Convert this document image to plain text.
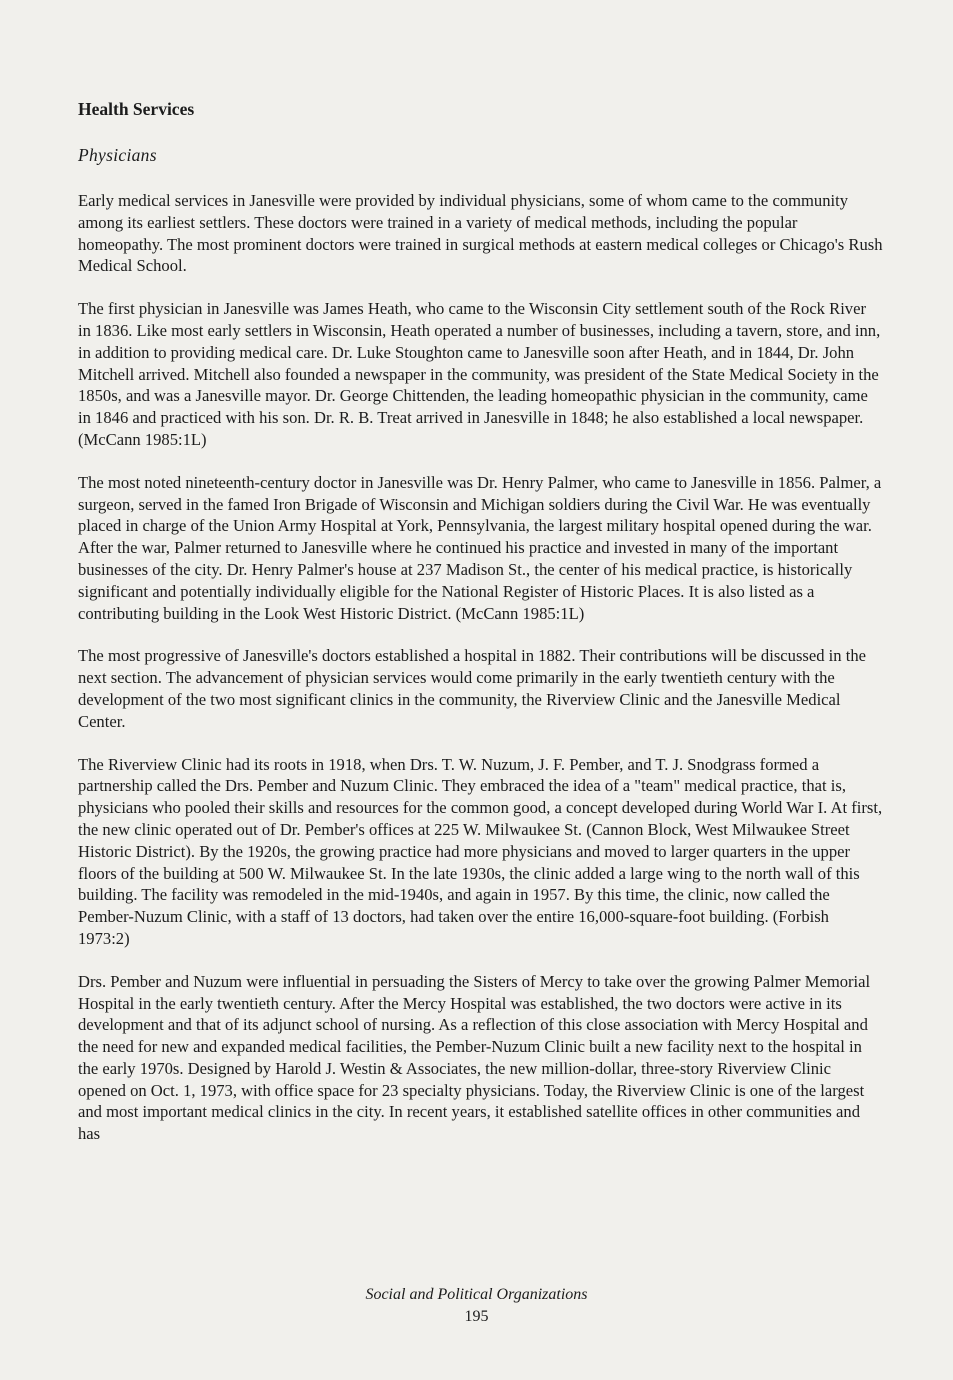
Health Services
Physicians

Early medical services in Janesville were provided by individual physicians, some of whom came to the community among its earliest settlers. These doctors were trained in a variety of medical methods, including the popular homeopathy. The most prominent doctors were trained in surgical methods at eastern medical colleges or Chicago's Rush Medical School.

The first physician in Janesville was James Heath, who came to the Wisconsin City settlement south of the Rock River in 1836. Like most early settlers in Wisconsin, Heath operated a number of businesses, including a tavern, store, and inn, in addition to providing medical care. Dr. Luke Stoughton came to Janesville soon after Heath, and in 1844, Dr. John Mitchell arrived. Mitchell also founded a newspaper in the community, was president of the State Medical Society in the 1850s, and was a Janesville mayor. Dr. George Chittenden, the leading homeopathic physician in the community, came in 1846 and practiced with his son. Dr. R. B. Treat arrived in Janesville in 1848; he also established a local newspaper. (McCann 1985:1L)

The most noted nineteenth-century doctor in Janesville was Dr. Henry Palmer, who came to Janesville in 1856. Palmer, a surgeon, served in the famed Iron Brigade of Wisconsin and Michigan soldiers during the Civil War. He was eventually placed in charge of the Union Army Hospital at York, Pennsylvania, the largest military hospital opened during the war. After the war, Palmer returned to Janesville where he continued his practice and invested in many of the important businesses of the city. Dr. Henry Palmer's house at 237 Madison St., the center of his medical practice, is historically significant and potentially individually eligible for the National Register of Historic Places. It is also listed as a contributing building in the Look West Historic District. (McCann 1985:1L)

The most progressive of Janesville's doctors established a hospital in 1882. Their contributions will be discussed in the next section. The advancement of physician services would come primarily in the early twentieth century with the development of the two most significant clinics in the community, the Riverview Clinic and the Janesville Medical Center.

The Riverview Clinic had its roots in 1918, when Drs. T. W. Nuzum, J. F. Pember, and T. J. Snodgrass formed a partnership called the Drs. Pember and Nuzum Clinic. They embraced the idea of a "team" medical practice, that is, physicians who pooled their skills and resources for the common good, a concept developed during World War I. At first, the new clinic operated out of Dr. Pember's offices at 225 W. Milwaukee St. (Cannon Block, West Milwaukee Street Historic District). By the 1920s, the growing practice had more physicians and moved to larger quarters in the upper floors of the building at 500 W. Milwaukee St. In the late 1930s, the clinic added a large wing to the north wall of this building. The facility was remodeled in the mid-1940s, and again in 1957. By this time, the clinic, now called the Pember-Nuzum Clinic, with a staff of 13 doctors, had taken over the entire 16,000-square-foot building. (Forbish 1973:2)

Drs. Pember and Nuzum were influential in persuading the Sisters of Mercy to take over the growing Palmer Memorial Hospital in the early twentieth century. After the Mercy Hospital was established, the two doctors were active in its development and that of its adjunct school of nursing. As a reflection of this close association with Mercy Hospital and the need for new and expanded medical facilities, the Pember-Nuzum Clinic built a new facility next to the hospital in the early 1970s. Designed by Harold J. Westin & Associates, the new million-dollar, three-story Riverview Clinic opened on Oct. 1, 1973, with office space for 23 specialty physicians. Today, the Riverview Clinic is one of the largest and most important medical clinics in the city. In recent years, it established satellite offices in other communities and has

Social and Political Organizations
195
